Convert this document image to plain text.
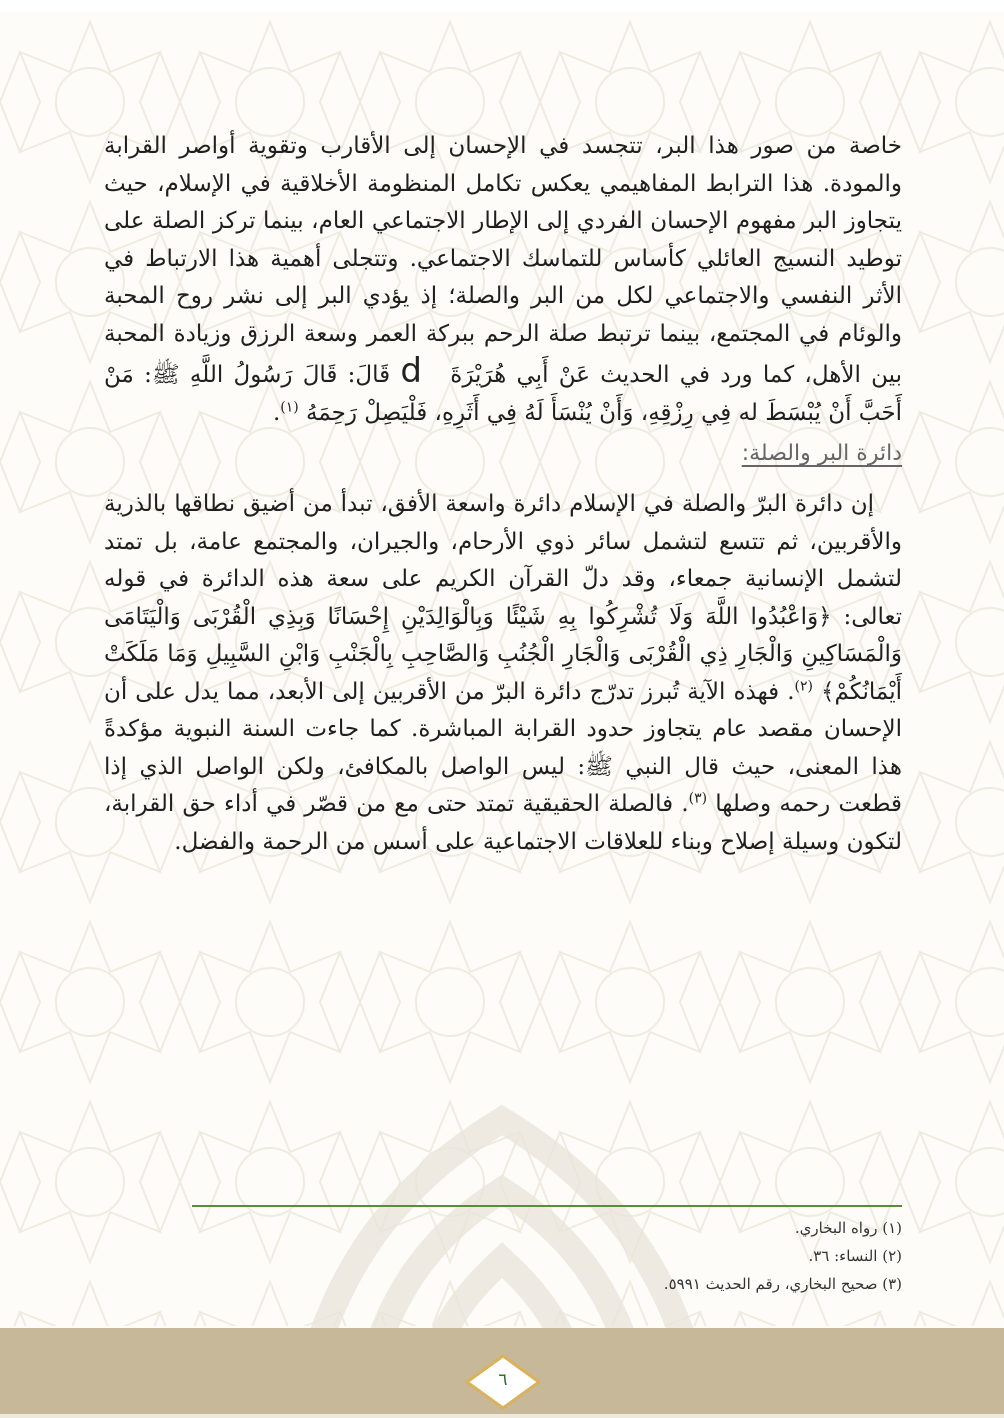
خاصة من صور هذا البر، تتجسد في الإحسان إلى الأقارب وتقوية أواصر القرابة والمودة. هذا الترابط المفاهيمي يعكس تكامل المنظومة الأخلاقية في الإسلام، حيث يتجاوز البر مفهوم الإحسان الفردي إلى الإطار الاجتماعي العام، بينما تركز الصلة على توطيد النسيج العائلي كأساس للتماسك الاجتماعي. وتتجلى أهمية هذا الارتباط في الأثر النفسي والاجتماعي لكل من البر والصلة؛ إذ يؤدي البر إلى نشر روح المحبة والوئام في المجتمع، بينما ترتبط صلة الرحم ببركة العمر وسعة الرزق وزيادة المحبة بين الأهل، كما ورد في الحديث عَنْ أَبِي هُرَيْرَةَ d قَالَ: قَالَ رَسُولُ اللَّهِ ﷺ: مَنْ أَحَبَّ أَنْ يُبْسَطَ له فِي رِزْقِهِ، وَأَنْ يُنْسَأَ لَهُ فِي أَثَرِهِ، فَلْيَصِلْ رَحِمَهُ $^{(١)}$.

دائرة البر والصلة:

إن دائرة البرّ والصلة في الإسلام دائرة واسعة الأفق، تبدأ من أضيق نطاقها بالذرية والأقربين، ثم تتسع لتشمل سائر ذوي الأرحام، والجيران، والمجتمع عامة، بل تمتد لتشمل الإنسانية جمعاء، وقد دلّ القرآن الكريم على سعة هذه الدائرة في قوله تعالى: ﴿وَاعْبُدُوا اللَّهَ وَلَا تُشْرِكُوا بِهِ شَيْئًا وَبِالْوَالِدَيْنِ إِحْسَانًا وَبِذِي الْقُرْبَى وَالْيَتَامَى وَالْمَسَاكِينِ وَالْجَارِ ذِي الْقُرْبَى وَالْجَارِ الْجُنُبِ وَالصَّاحِبِ بِالْجَنْبِ وَابْنِ السَّبِيلِ وَمَا مَلَكَتْ أَيْمَانُكُمْ﴾ $^{(٢)}$. فهذه الآية تُبرز تدرّج دائرة البرّ من الأقربين إلى الأبعد، مما يدل على أن الإحسان مقصد عام يتجاوز حدود القرابة المباشرة. كما جاءت السنة النبوية مؤكدةً هذا المعنى، حيث قال النبي ﷺ: ليس الواصل بالمكافئ، ولكن الواصل الذي إذا قطعت رحمه وصلها $^{(٣)}$. فالصلة الحقيقية تمتد حتى مع من قصّر في أداء حق القرابة، لتكون وسيلة إصلاح وبناء للعلاقات الاجتماعية على أسس من الرحمة والفضل.

(١) رواه البخاري.
(٢) النساء: ٣٦.
(٣) صحيح البخاري، رقم الحديث ٥٩٩١.
٦
